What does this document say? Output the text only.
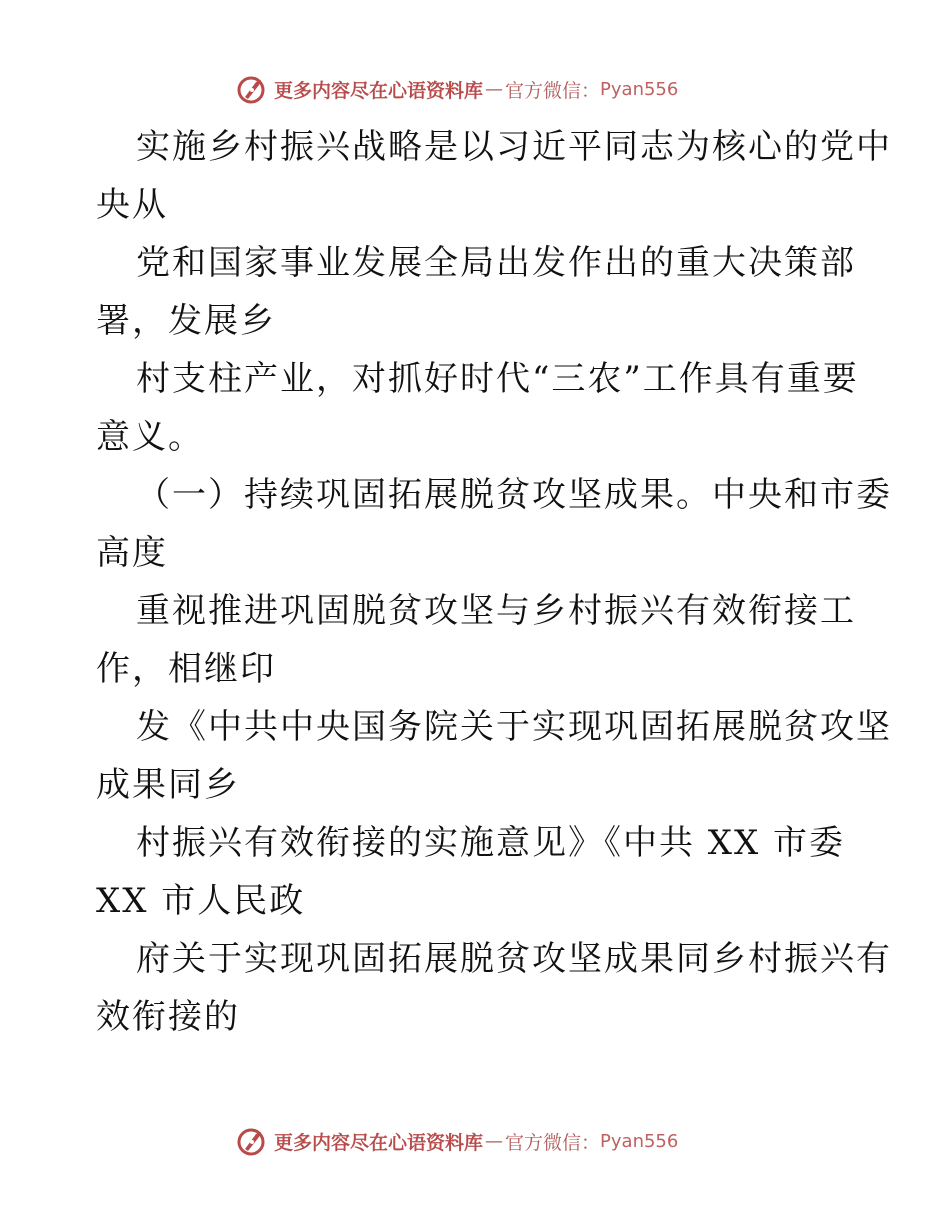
更多内容尽在心语资料库 — 官方微信： Pyan556
实施乡村振兴战略是以习近平同志为核心的党中
央从
党和国家事业发展全局出发作出的重大决策部
署，发展乡
村支柱产业，对抓好时代“三农”工作具有重要
意义。
（一）持续巩固拓展脱贫攻坚成果。中央和市委
高度
重视推进巩固脱贫攻坚与乡村振兴有效衔接工
作，相继印
发《中共中央国务院关于实现巩固拓展脱贫攻坚
成果同乡
村振兴有效衔接的实施意见》《中共 XX 市委
XX 市人民政
府关于实现巩固拓展脱贫攻坚成果同乡村振兴有
效衔接的
更多内容尽在心语资料库 — 官方微信： Pyan556
